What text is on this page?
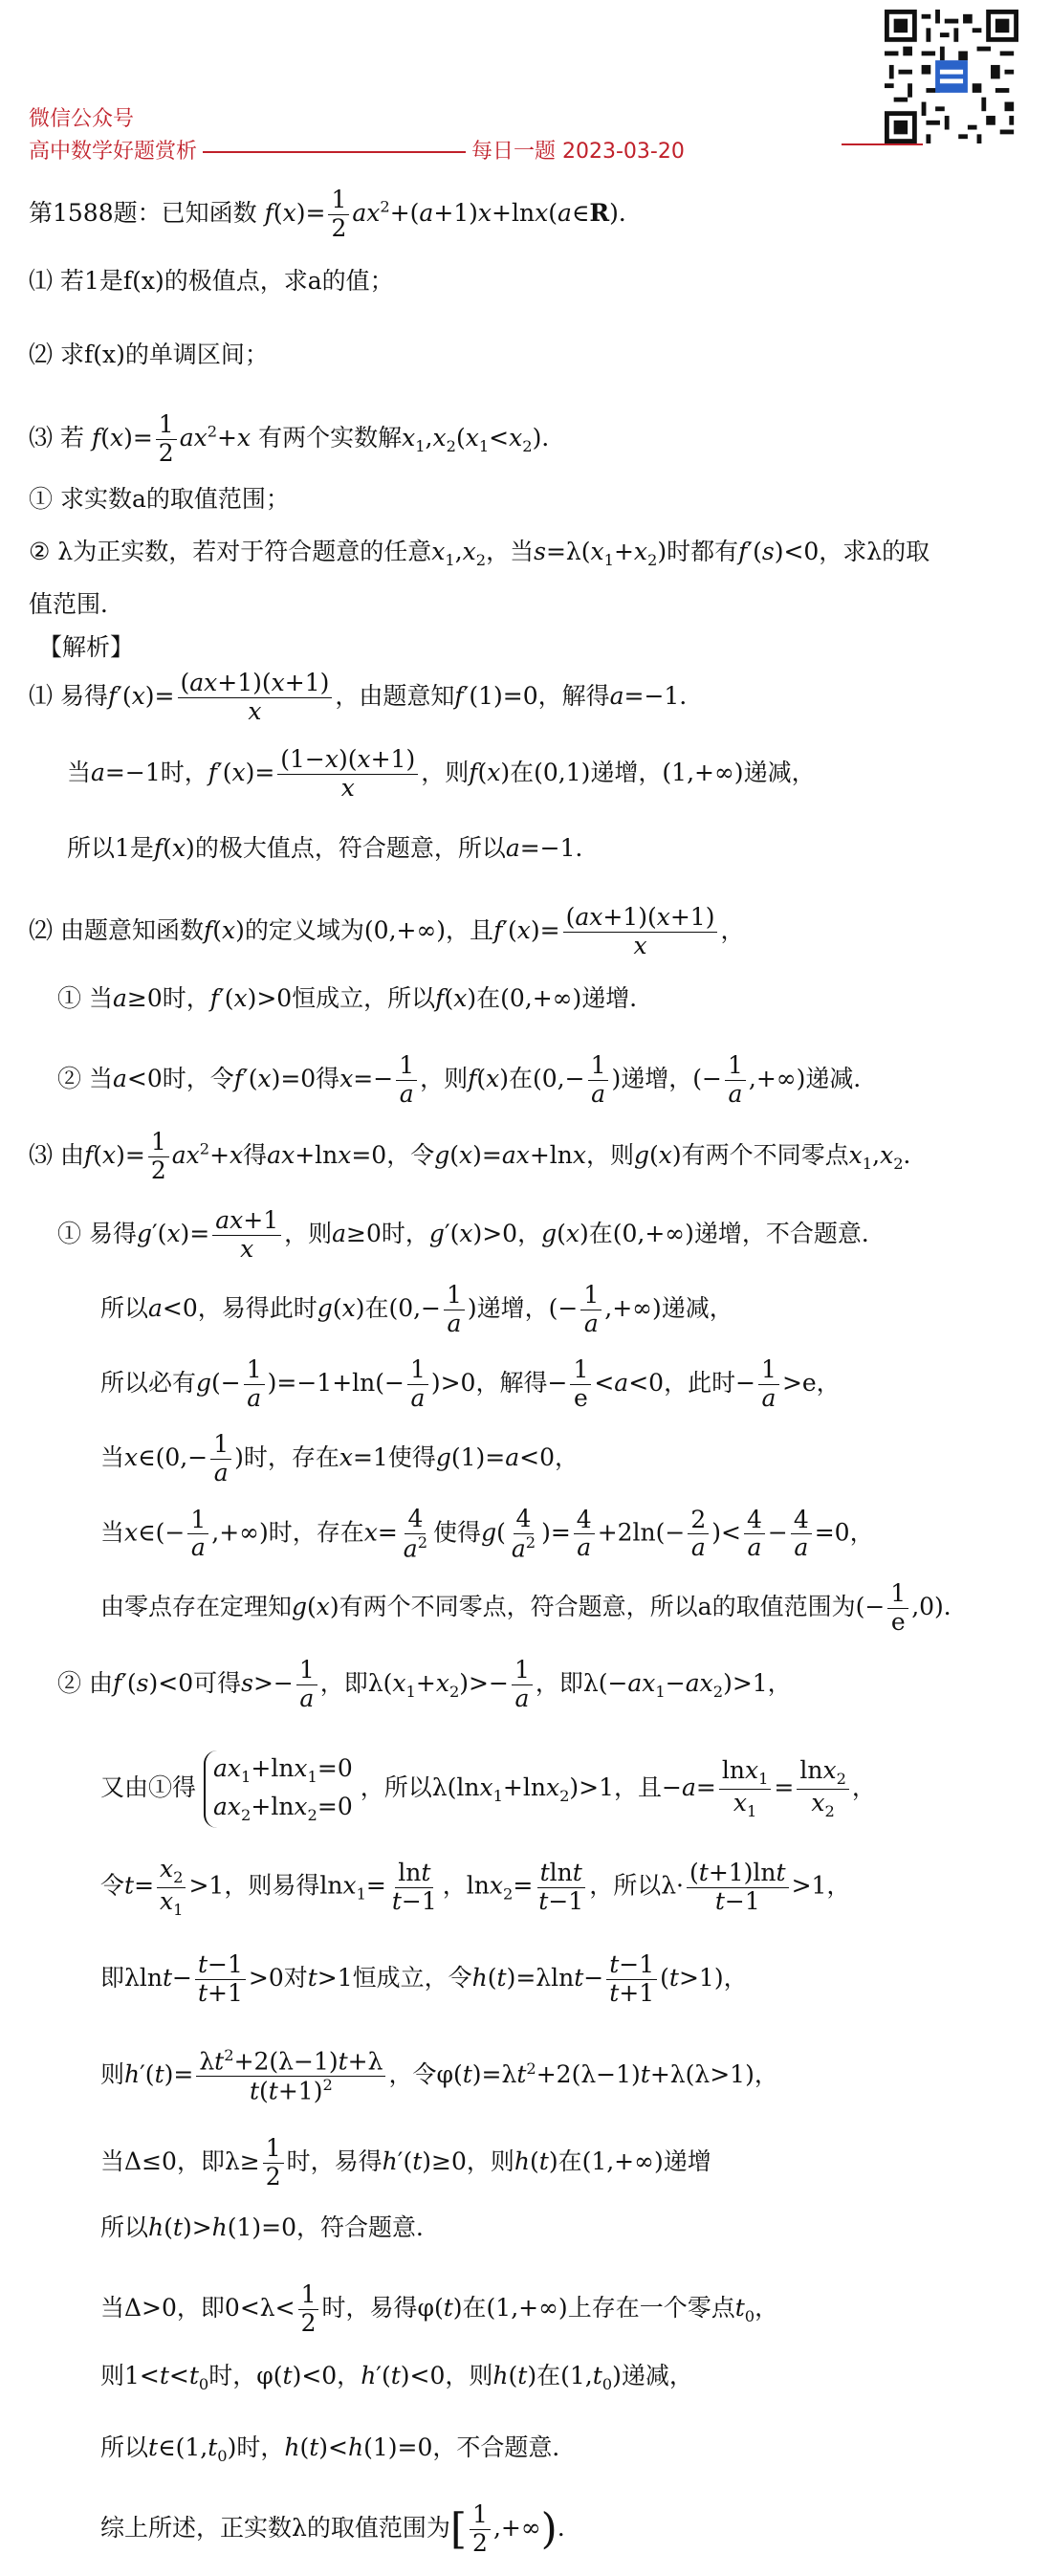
微信公众号
高中数学好题赏析	每日一题 2023-03-20
第1588题：已知函数 $f(x)= \frac{1}{2}$ $ax^2+(a+1)x+\ln x(a\in R)$．
⑴ 若1是f(x)的极值点，求a的值；
⑵ 求f(x)的单调区间；
⑶ 若 $f(x)= \frac{1}{2} ax^2+x$ 有两个实数解$x_1,x_2(x_1<x_2)$．
① 求实数a的取值范围；
② λ为正实数，若对于符合题意的任意$x_1,x_2$，当$s=\lambda(x_1+x_2)$时都有f′(s)<0，求λ的取
值范围．
【解析】
⑴ 易得$f'(x)= \frac{(ax+1)(x+1)}{x}$ ，由题意知f′(1)=0，解得a=−1．
当a=−1时，$f'(x)= \frac{(1-x)(x+1)}{x}$ ，则f(x)在(0,1)递增，(1,+∞)递减，
所以1是f(x)的极大值点，符合题意，所以a=−1．
⑵ 由题意知函数f(x)的定义域为(0,+∞)，且$f'(x)= \frac{(ax+1)(x+1)}{x}$ ，
① 当a≥0时，f′(x)>0恒成立，所以f(x)在(0,+∞)递增．
② 当a<0时，令f′(x)=0得$x=- \frac{1}{a}$ ，则f(x)在($0,- \frac{1}{a}$ )递增，(− $\frac{1}{a}$ ,+∞)递减．
⑶ 由$f(x)= \frac{1}{2} ax^2+x$得ax+lnx=0，令g(x)=ax+lnx，则g(x)有两个不同零点$x_1,x_2$．
① 易得$g'(x)= \frac{ax+1}{x}$ ，则a≥0时，g′(x)>0，g(x)在(0,+∞)递增，不合题意．
所以a<0，易得此时g(x)在($0,- \frac{1}{a}$ )递增，(− $\frac{1}{a}$ ,+∞)递减，
所以必有$g(- \frac{1}{a} )=-1+\ln(- \frac{1}{a} )>0$，解得− $\frac{1}{e} <a<0$，此时− $\frac{1}{a} >e$，
当x∈(0,− $\frac{1}{a}$ )时，存在x=1使得g(1)=a<0，
当x∈(− $\frac{1}{a}$ ,+∞)时，存在$x= \frac{4}{a^2}$ 使得$g( \frac{4}{a^2}$ )= $\frac{4}{a} +2\ln(- \frac{2}{a}$ )< $\frac{4}{a} - \frac{4}{a} =0$，
由零点存在定理知g(x)有两个不同零点，符合题意，所以a的取值范围为(− $\frac{1}{e} ,0$)．
② 由f′(s)<0可得$s>- \frac{1}{a}$ ，即$\lambda(x_1+x_2)>- \frac{1}{a}$ ，即$\lambda(-ax_1-ax_2)>1$，
又由①得
$ax_1+\ln x_1=0$
$ax_2+\ln x_2=0$
，所以λ(lnx$_1$+lnx$_2$)>1，且$-a= \frac{\ln x_1}{x_1} = \frac{\ln x_2}{x_2}$ ，
令$t= \frac{x_2}{x_1} >1$，则易得$\ln x_1= \frac{\ln t}{t-1}$ ，$\ln x_2= \frac{tlnt}{t-1}$ ，所以$\lambda\cdot \frac{(t+1)\ln t}{t-1} >1$，
即$\lambda\ln t- \frac{t-1}{t+1} >0$对t>1恒成立，令$h(t)=\lambda\ln t- \frac{t-1}{t+1} (t>1)$，
则$h'(t)= \frac{\lambda t^2+2(\lambda-1)t+\lambda}{t(t+1)^2}$ ，令$\varphi(t)=\lambda t^2+2(\lambda-1)t+\lambda(\lambda>1)$，
当Δ≤0，即$\lambda\ge \frac{1}{2}$ 时，易得h′(t)≥0，则h(t)在(1,+∞)递增
所以h(t)>h(1)=0，符合题意．
当Δ>0，即$0<\lambda< \frac{1}{2}$ 时，易得φ(t)在(1,+∞)上存在一个零点$t_0$，
则$1<t<t_0$时，φ(t)<0，h′(t)<0，则h(t)在$(1,t_0)$递减，
所以$t\in(1,t_0)$时，h(t)<h(1)=0，不合题意．
综上所述，正实数λ的取值范围为[ $\frac{1}{2}$ ,+∞)．
